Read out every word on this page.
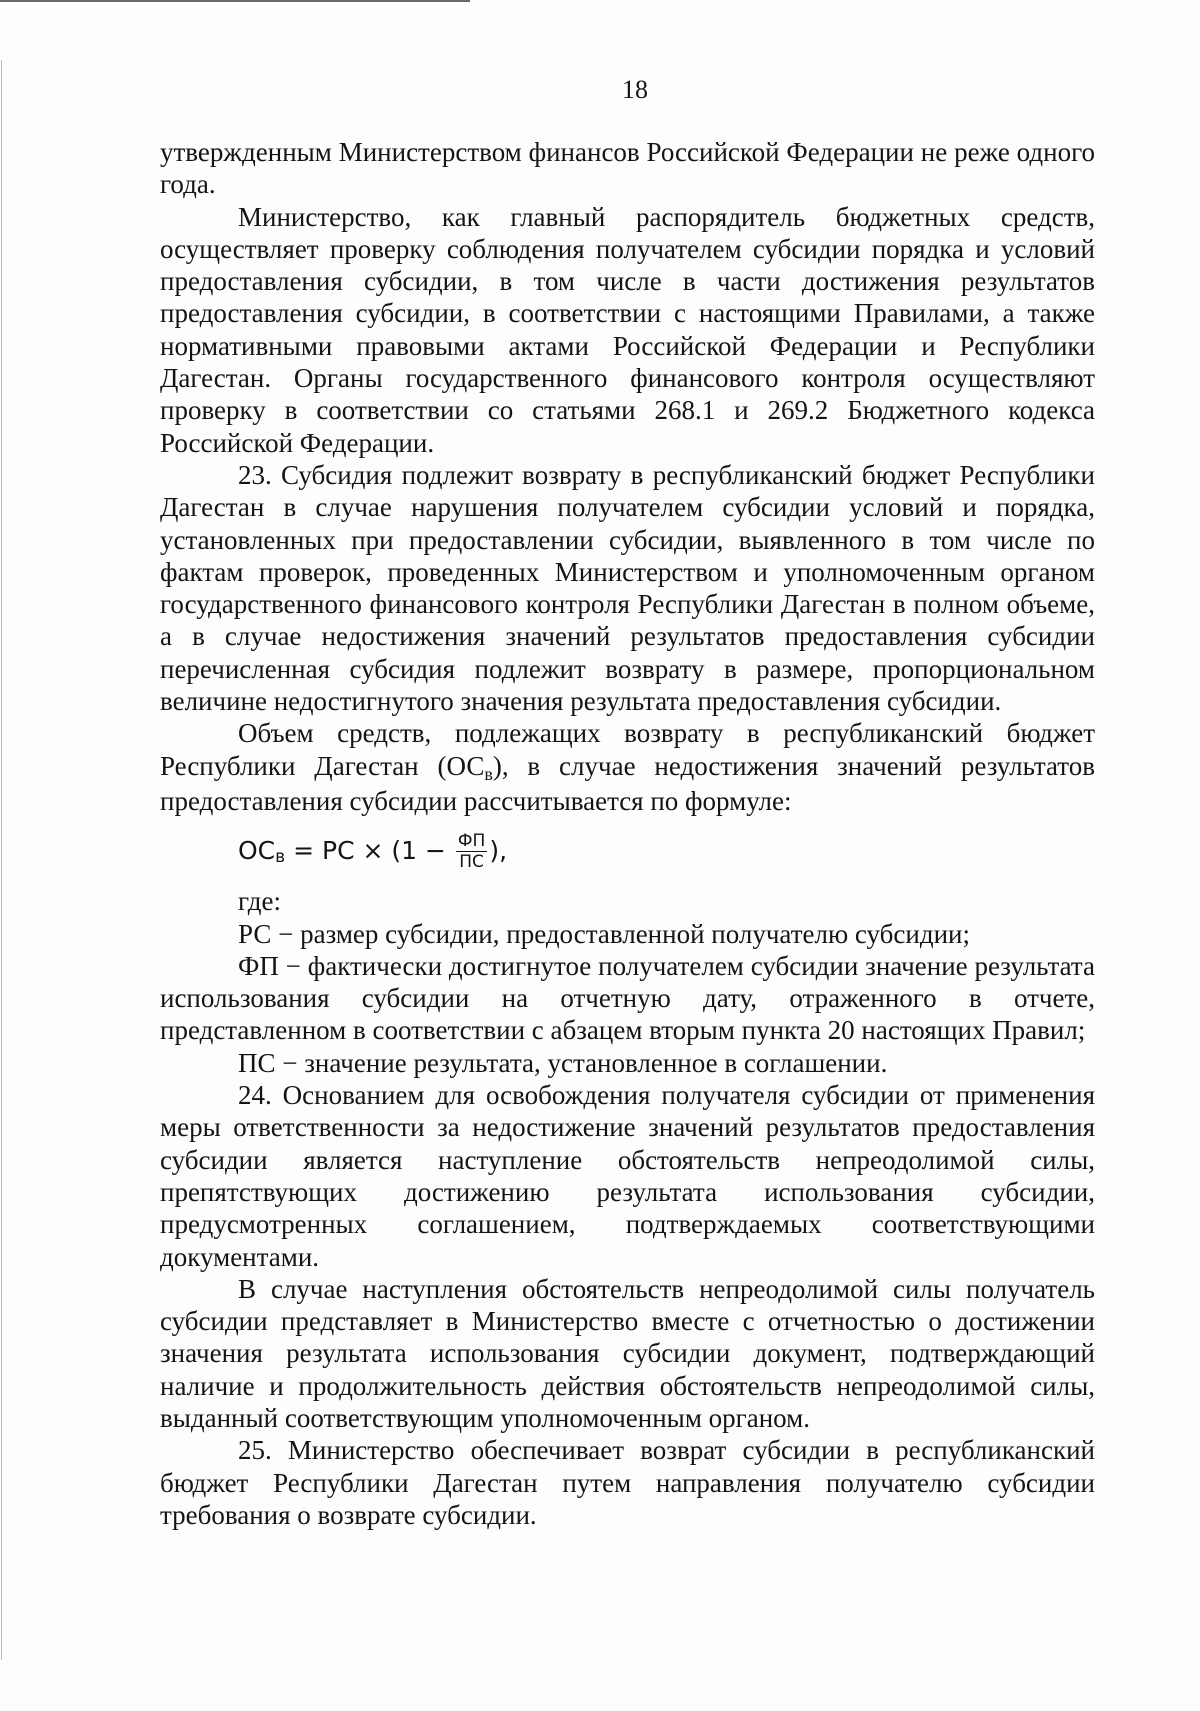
18

утвержденным Министерством финансов Российской Федерации не реже одного года.

Министерство, как главный распорядитель бюджетных средств, осуществляет проверку соблюдения получателем субсидии порядка и условий предоставления субсидии, в том числе в части достижения результатов предоставления субсидии, в соответствии с настоящими Правилами, а также нормативными правовыми актами Российской Федерации и Республики Дагестан. Органы государственного финансового контроля осуществляют проверку в соответствии со статьями 268.1 и 269.2 Бюджетного кодекса Российской Федерации.

23. Субсидия подлежит возврату в республиканский бюджет Республики Дагестан в случае нарушения получателем субсидии условий и порядка, установленных при предоставлении субсидии, выявленного в том числе по фактам проверок, проведенных Министерством и уполномоченным органом государственного финансового контроля Республики Дагестан в полном объеме, а в случае недостижения значений результатов предоставления субсидии перечисленная субсидия подлежит возврату в размере, пропорциональном величине недостигнутого значения результата предоставления субсидии.

Объем средств, подлежащих возврату в республиканский бюджет Республики Дагестан (ОСв), в случае недостижения значений результатов предоставления субсидии рассчитывается по формуле:

ОС в = РС × ($1 - \frac{ФП}{ПС}$ ),

где:

РС − размер субсидии, предоставленной получателю субсидии;

ФП − фактически достигнутое получателем субсидии значение результата использования субсидии на отчетную дату, отраженного в отчете, представленном в соответствии с абзацем вторым пункта 20 настоящих Правил;

ПС − значение результата, установленное в соглашении.

24. Основанием для освобождения получателя субсидии от применения меры ответственности за недостижение значений результатов предоставления субсидии является наступление обстоятельств непреодолимой силы, препятствующих достижению результата использования субсидии, предусмотренных соглашением, подтверждаемых соответствующими документами.

В случае наступления обстоятельств непреодолимой силы получатель субсидии представляет в Министерство вместе с отчетностью о достижении значения результата использования субсидии документ, подтверждающий наличие и продолжительность действия обстоятельств непреодолимой силы, выданный соответствующим уполномоченным органом.

25. Министерство обеспечивает возврат субсидии в республиканский бюджет Республики Дагестан путем направления получателю субсидии требования о возврате субсидии.
